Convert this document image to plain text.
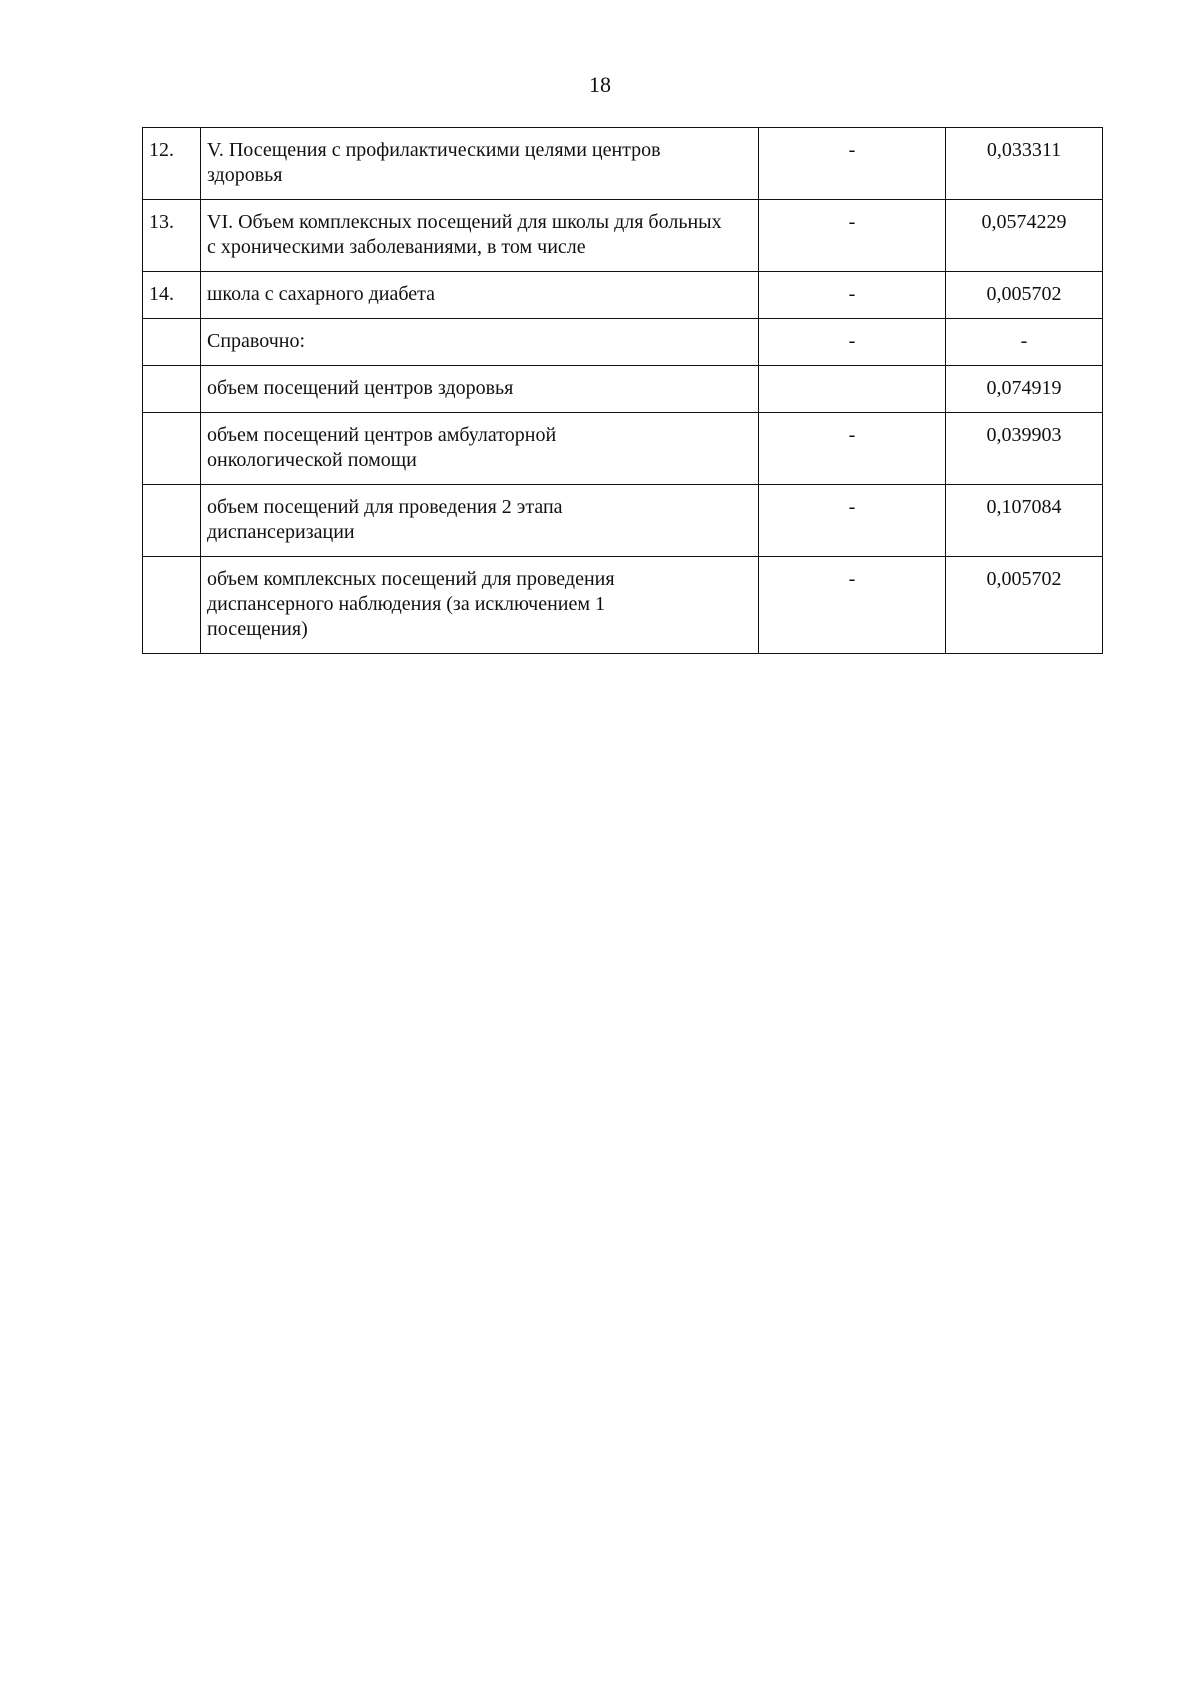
18
12.	V. Посещения с профилактическими целями центров здоровья	-	0,033311
13.	VI. Объем комплексных посещений для школы для больных с хроническими заболеваниями, в том числе	-	0,0574229
14.	школа с сахарного диабета	-	0,005702
	Справочно:	-	-
	объем посещений центров здоровья		0,074919
	объем посещений центров амбулаторной онкологической помощи	-	0,039903
	объем посещений для проведения 2 этапа диспансеризации	-	0,107084
	объем комплексных посещений для проведения диспансерного наблюдения (за исключением 1 посещения)	-	0,005702
